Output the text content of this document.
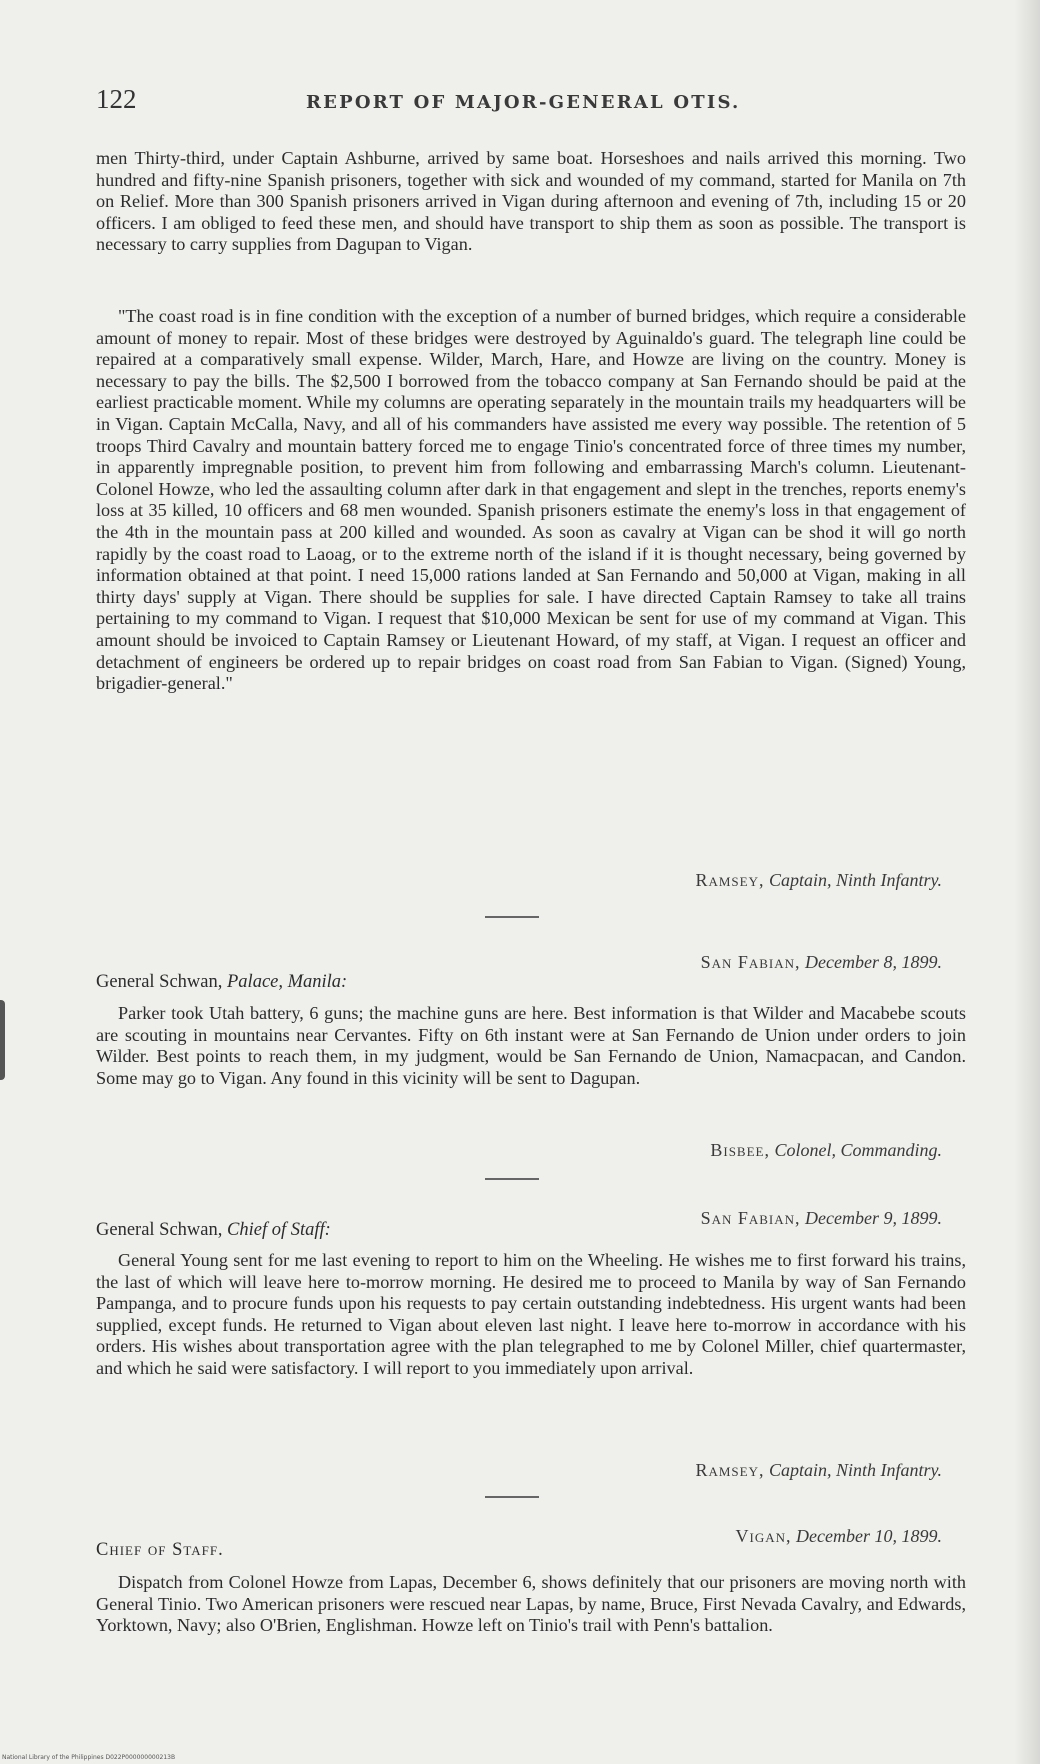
122	REPORT OF MAJOR-GENERAL OTIS.

men Thirty-third, under Captain Ashburne, arrived by same boat. Horseshoes and nails arrived this morning. Two hundred and fifty-nine Spanish prisoners, together with sick and wounded of my command, started for Manila on 7th on Relief. More than 300 Spanish prisoners arrived in Vigan during afternoon and evening of 7th, including 15 or 20 officers. I am obliged to feed these men, and should have transport to ship them as soon as possible. The transport is necessary to carry supplies from Dagupan to Vigan.

"The coast road is in fine condition with the exception of a number of burned bridges, which require a considerable amount of money to repair. Most of these bridges were destroyed by Aguinaldo's guard. The telegraph line could be repaired at a comparatively small expense. Wilder, March, Hare, and Howze are living on the country. Money is necessary to pay the bills. The $2,500 I borrowed from the tobacco company at San Fernando should be paid at the earliest practicable moment. While my columns are operating separately in the mountain trails my headquarters will be in Vigan. Captain McCalla, Navy, and all of his commanders have assisted me every way possible. The retention of 5 troops Third Cavalry and mountain battery forced me to engage Tinio's concentrated force of three times my number, in apparently impregnable position, to prevent him from following and embarrassing March's column. Lieutenant-Colonel Howze, who led the assaulting column after dark in that engagement and slept in the trenches, reports enemy's loss at 35 killed, 10 officers and 68 men wounded. Spanish prisoners estimate the enemy's loss in that engagement of the 4th in the mountain pass at 200 killed and wounded. As soon as cavalry at Vigan can be shod it will go north rapidly by the coast road to Laoag, or to the extreme north of the island if it is thought necessary, being governed by information obtained at that point. I need 15,000 rations landed at San Fernando and 50,000 at Vigan, making in all thirty days' supply at Vigan. There should be supplies for sale. I have directed Captain Ramsey to take all trains pertaining to my command to Vigan. I request that $10,000 Mexican be sent for use of my command at Vigan. This amount should be invoiced to Captain Ramsey or Lieutenant Howard, of my staff, at Vigan. I request an officer and detachment of engineers be ordered up to repair bridges on coast road from San Fabian to Vigan. (Signed) Young, brigadier-general."

Ramsey, Captain, Ninth Infantry.
San Fabian, December 8, 1899.
General Schwan, Palace, Manila:

Parker took Utah battery, 6 guns; the machine guns are here. Best information is that Wilder and Macabebe scouts are scouting in mountains near Cervantes. Fifty on 6th instant were at San Fernando de Union under orders to join Wilder. Best points to reach them, in my judgment, would be San Fernando de Union, Namacpacan, and Candon. Some may go to Vigan. Any found in this vicinity will be sent to Dagupan.

Bisbee, Colonel, Commanding.
San Fabian, December 9, 1899.
General Schwan, Chief of Staff:

General Young sent for me last evening to report to him on the Wheeling. He wishes me to first forward his trains, the last of which will leave here to-morrow morning. He desired me to proceed to Manila by way of San Fernando Pampanga, and to procure funds upon his requests to pay certain outstanding indebtedness. His urgent wants had been supplied, except funds. He returned to Vigan about eleven last night. I leave here to-morrow in accordance with his orders. His wishes about transportation agree with the plan telegraphed to me by Colonel Miller, chief quartermaster, and which he said were satisfactory. I will report to you immediately upon arrival.

Ramsey, Captain, Ninth Infantry.
Vigan, December 10, 1899.
Chief of Staff.

Dispatch from Colonel Howze from Lapas, December 6, shows definitely that our prisoners are moving north with General Tinio. Two American prisoners were rescued near Lapas, by name, Bruce, First Nevada Cavalry, and Edwards, Yorktown, Navy; also O'Brien, Englishman. Howze left on Tinio's trail with Penn's battalion.

National Library of the Philippines D022P000000000213B
